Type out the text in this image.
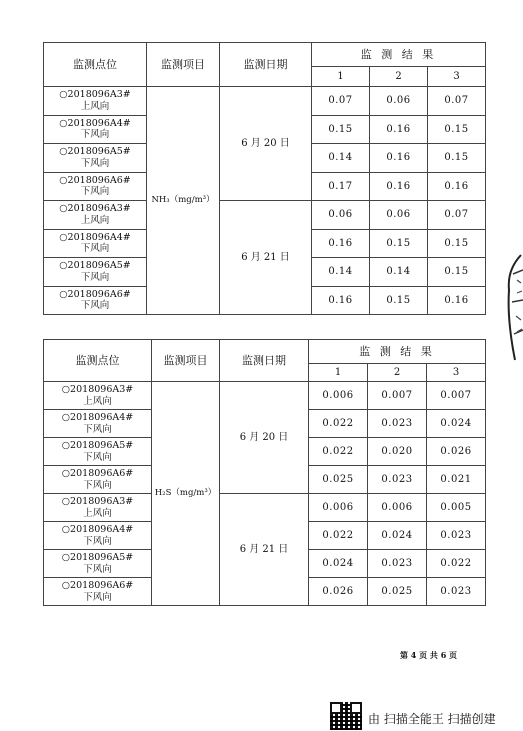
监测点位	监测项目	监测日期	监 测 结 果		
			1	2	3

○2018096A3#
上风向	NH₃（mg/m³）	6 月 20 日	0.07	0.06	0.07

○2018096A4#
下风向			0.15	0.16	0.15

○2018096A5#
下风向			0.14	0.16	0.15

○2018096A6#
下风向			0.17	0.16	0.16

○2018096A3#
上风向		6 月 21 日	0.06	0.06	0.07

○2018096A4#
下风向			0.16	0.15	0.15

○2018096A5#
下风向			0.14	0.14	0.15

○2018096A6#
下风向			0.16	0.15	0.16
监测点位	监测项目	监测日期	监 测 结 果		
			1	2	3

○2018096A3#
上风向	H₂S（mg/m³）	6 月 20 日	0.006	0.007	0.007

○2018096A4#
下风向			0.022	0.023	0.024

○2018096A5#
下风向			0.022	0.020	0.026

○2018096A6#
下风向			0.025	0.023	0.021

○2018096A3#
上风向		6 月 21 日	0.006	0.006	0.005

○2018096A4#
下风向			0.022	0.024	0.023

○2018096A5#
下风向			0.024	0.023	0.022

○2018096A6#
下风向			0.026	0.025	0.023
第 4 页 共 6 页
由 扫描全能王 扫描创建
